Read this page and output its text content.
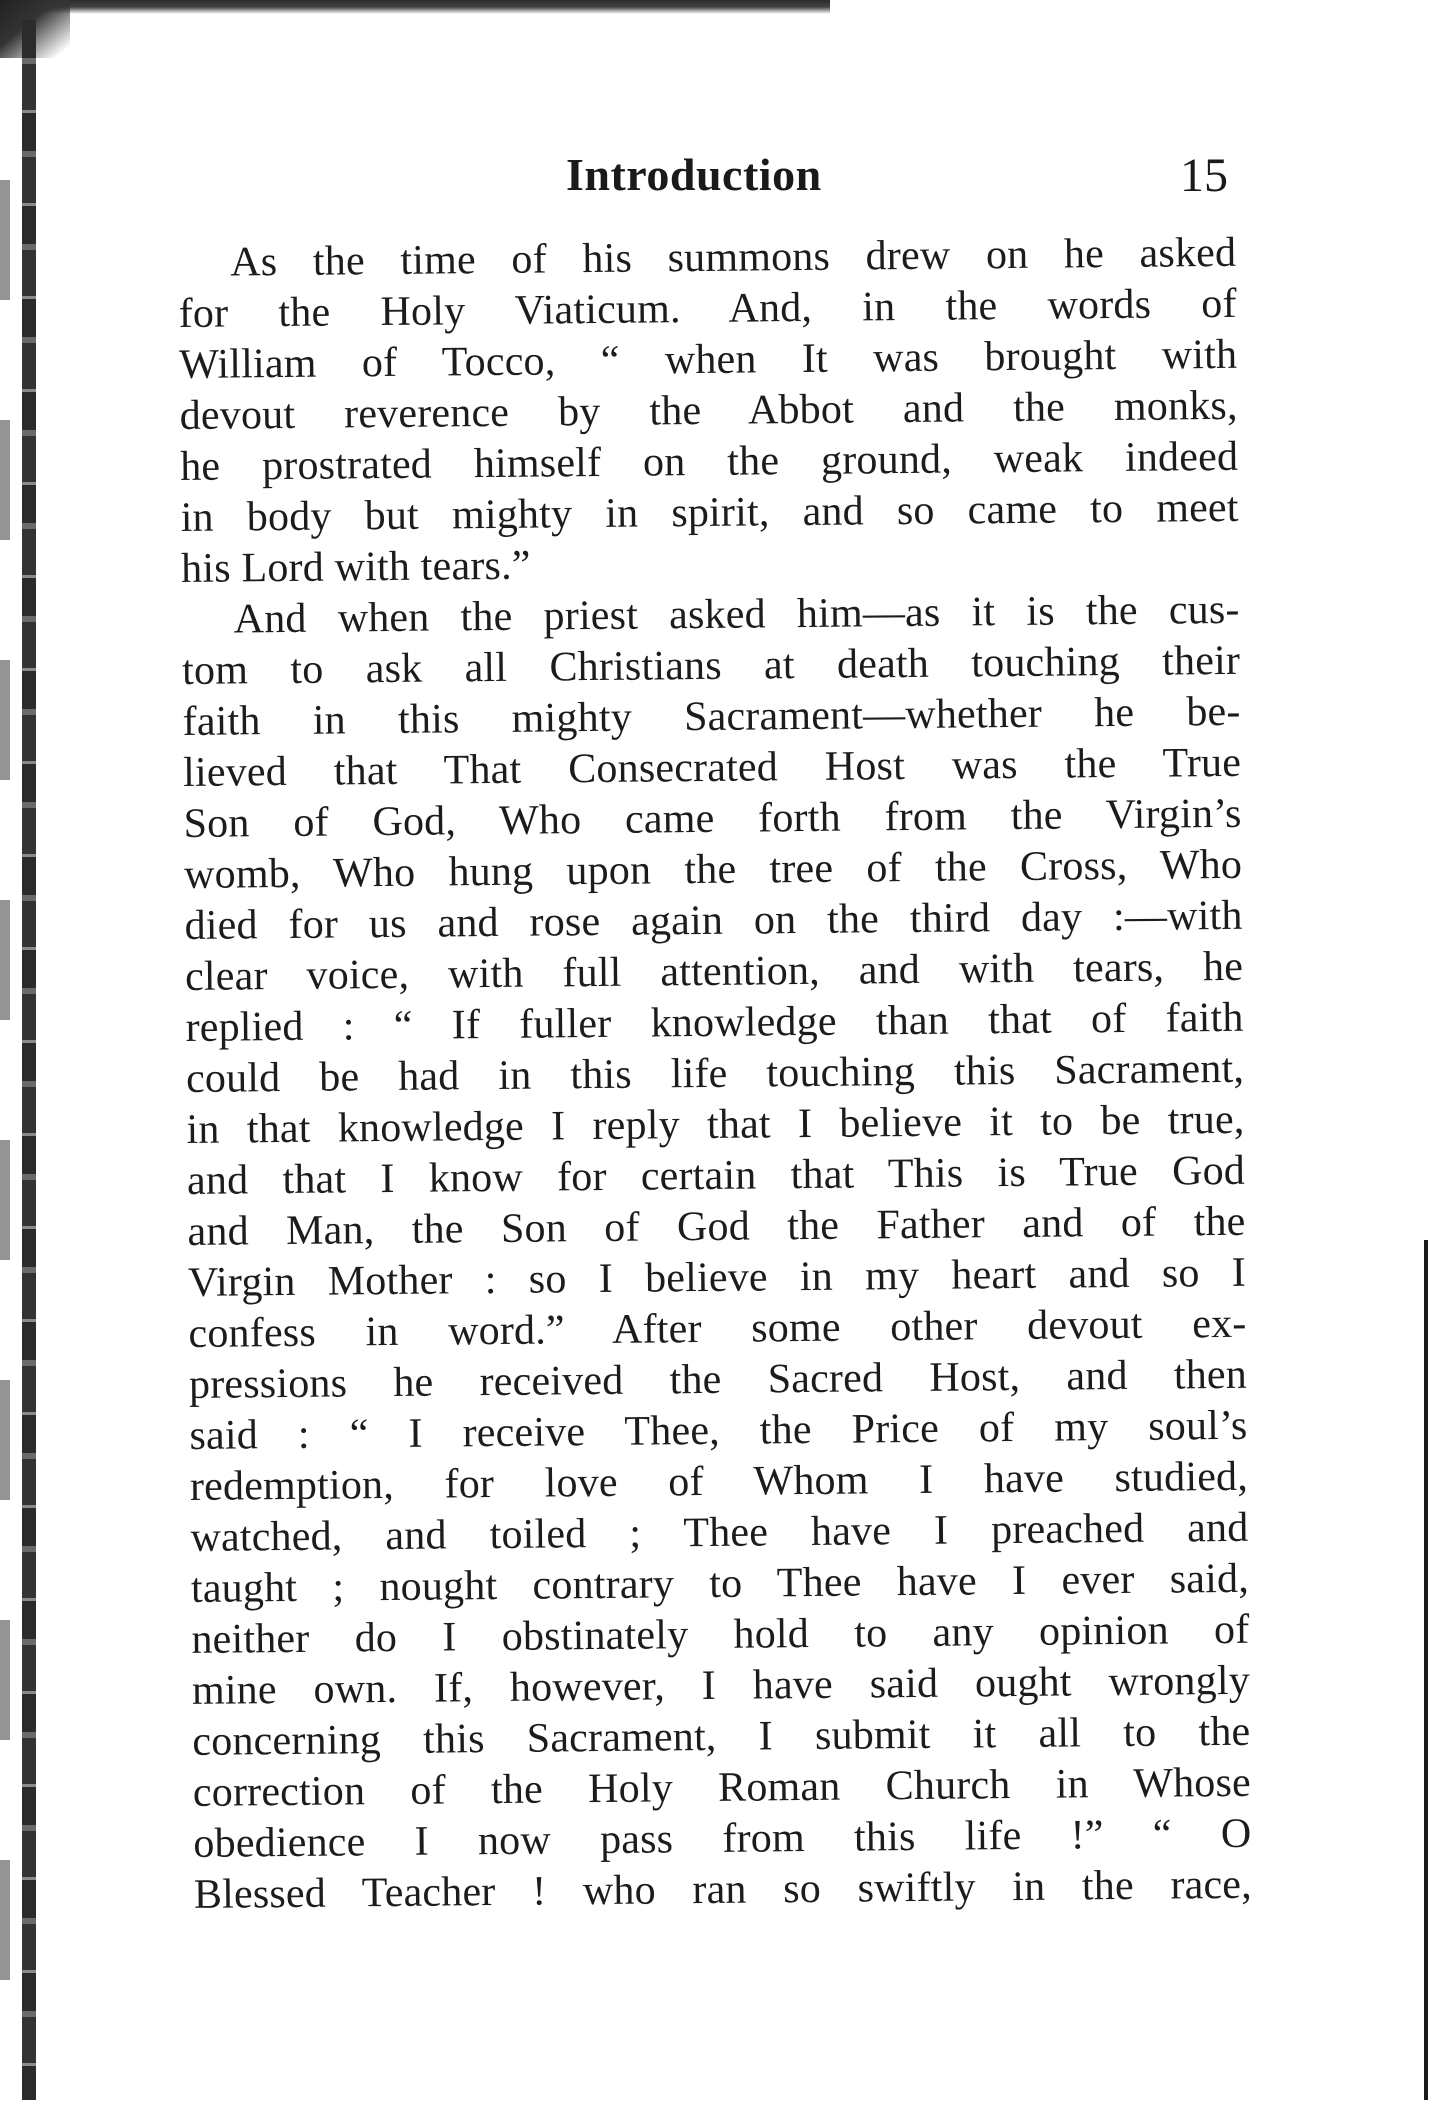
Introduction	15
As the time of his summons drew on he asked
for the Holy Viaticum. And, in the words of
William of Tocco, “ when It was brought with
devout reverence by the Abbot and the monks,
he prostrated himself on the ground, weak indeed
in body but mighty in spirit, and so came to meet
his Lord with tears.”
And when the priest asked him—as it is the cus-
tom to ask all Christians at death touching their
faith in this mighty Sacrament—whether he be-
lieved that That Consecrated Host was the True
Son of God, Who came forth from the Virgin’s
womb, Who hung upon the tree of the Cross, Who
died for us and rose again on the third day :—with
clear voice, with full attention, and with tears, he
replied : “ If fuller knowledge than that of faith
could be had in this life touching this Sacrament,
in that knowledge I reply that I believe it to be true,
and that I know for certain that This is True God
and Man, the Son of God the Father and of the
Virgin Mother : so I believe in my heart and so I
confess in word.” After some other devout ex-
pressions he received the Sacred Host, and then
said : “ I receive Thee, the Price of my soul’s
redemption, for love of Whom I have studied,
watched, and toiled ; Thee have I preached and
taught ; nought contrary to Thee have I ever said,
neither do I obstinately hold to any opinion of
mine own. If, however, I have said ought wrongly
concerning this Sacrament, I submit it all to the
correction of the Holy Roman Church in Whose
obedience I now pass from this life !” “ O
Blessed Teacher ! who ran so swiftly in the race,
